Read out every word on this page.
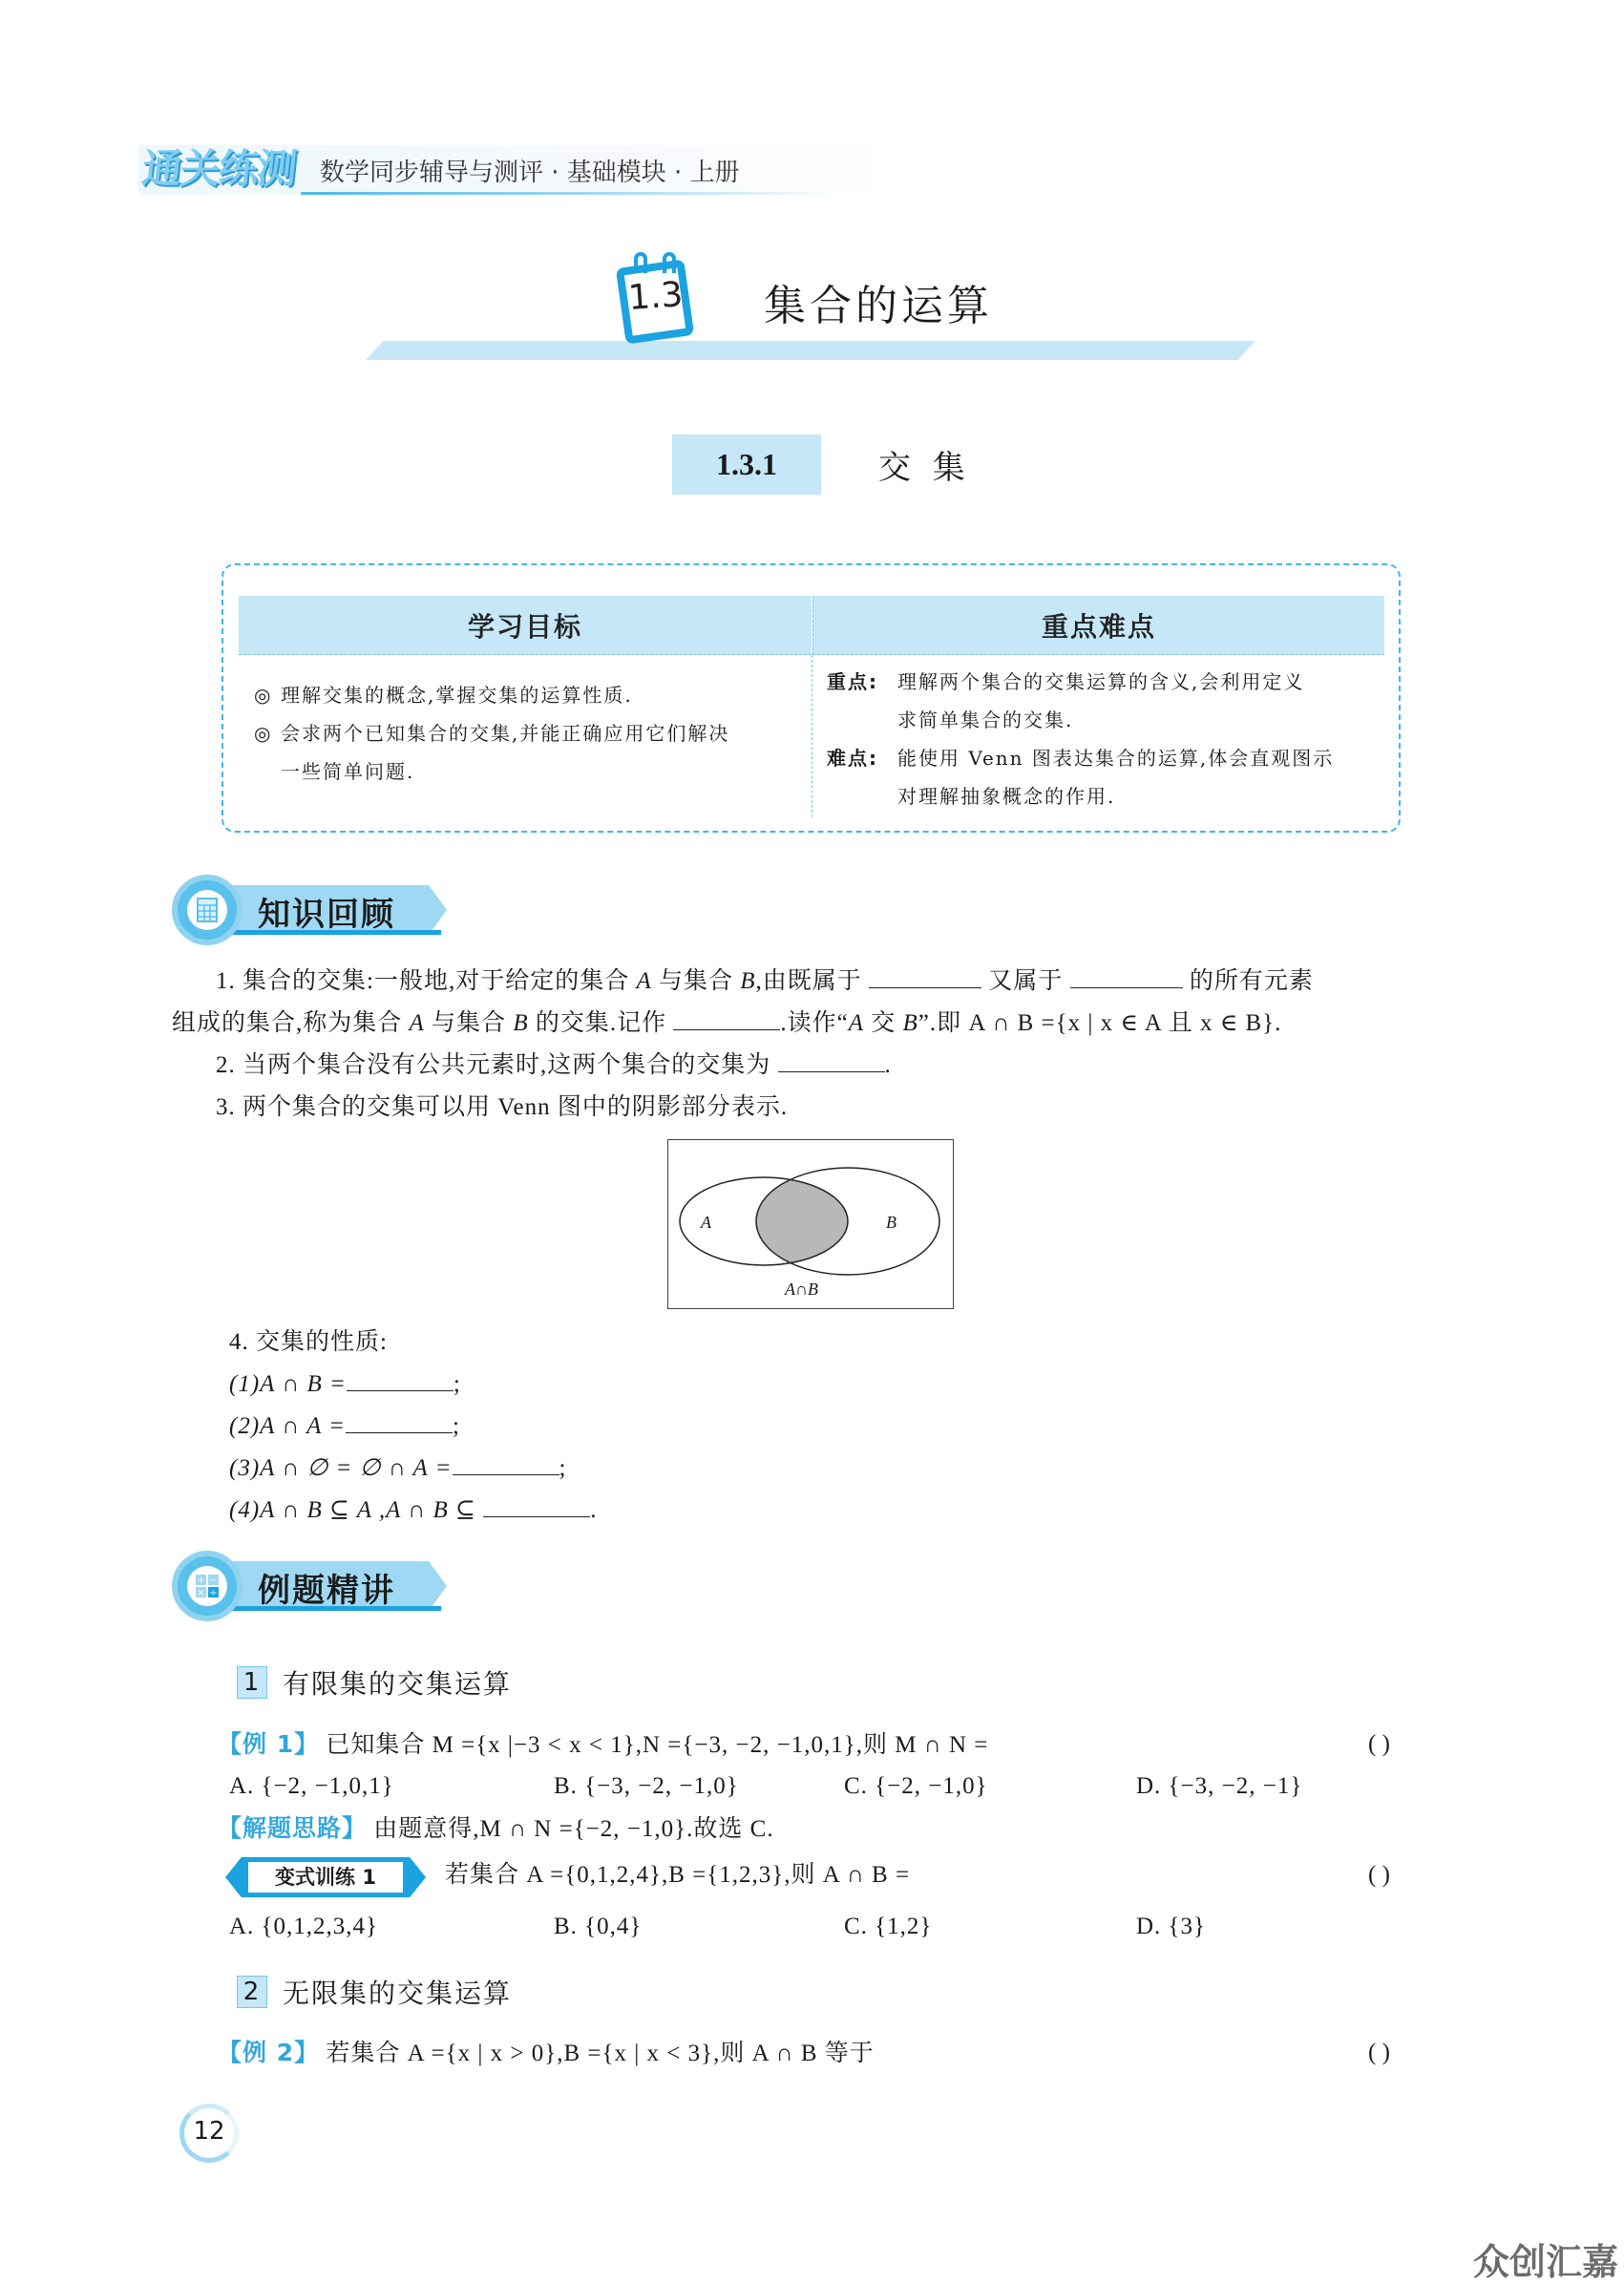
通关练测 数学同步辅导与测评 · 基础模块 · 上册
1.3 集合的运算
1.3.1	交 集
学习目标	重点难点
◎ 理解交集的概念,掌握交集的运算性质.
◎ 会求两个已知集合的交集,并能正确应用它们解决
一些简单问题.
重点:	理解两个集合的交集运算的含义,会利用定义
求简单集合的交集.
难点:	能使用 Venn 图表达集合的运算,体会直观图示
对理解抽象概念的作用.
知识回顾
1. 集合的交集:一般地,对于给定的集合 A 与集合 B,由既属于	又属于	的所有元素
组成的集合,称为集合 A 与集合 B 的交集.记作	.读作“A 交 B”.即 A ∩ B ={x | x ∈ A 且 x ∈ B}.
2. 当两个集合没有公共元素时,这两个集合的交集为	.
3. 两个集合的交集可以用 Venn 图中的阴影部分表示.
A	B
A∩B
4. 交集的性质:
(1)A ∩ B =	;
(2)A ∩ A =	;
(3)A ∩ ∅ = ∅ ∩ A =	;
(4)A ∩ B ⊆ A ,A ∩ B ⊆	.
+ −
× ÷ 例题精讲
1 有限集的交集运算
【例 1】 已知集合 M ={x |−3 < x < 1},N ={−3, −2, −1,0,1},则 M ∩ N =	( )
A. {−2, −1,0,1}	B. {−3, −2, −1,0}	C. {−2, −1,0}	D. {−3, −2, −1}
【解题思路】 由题意得,M ∩ N ={−2, −1,0}.故选 C.
变式训练 1	若集合 A ={0,1,2,4},B ={1,2,3},则 A ∩ B =	( )
A. {0,1,2,3,4}	B. {0,4}	C. {1,2}	D. {3}
2 无限集的交集运算
【例 2】 若集合 A ={x | x > 0},B ={x | x < 3},则 A ∩ B 等于	( )
12
众创汇嘉
